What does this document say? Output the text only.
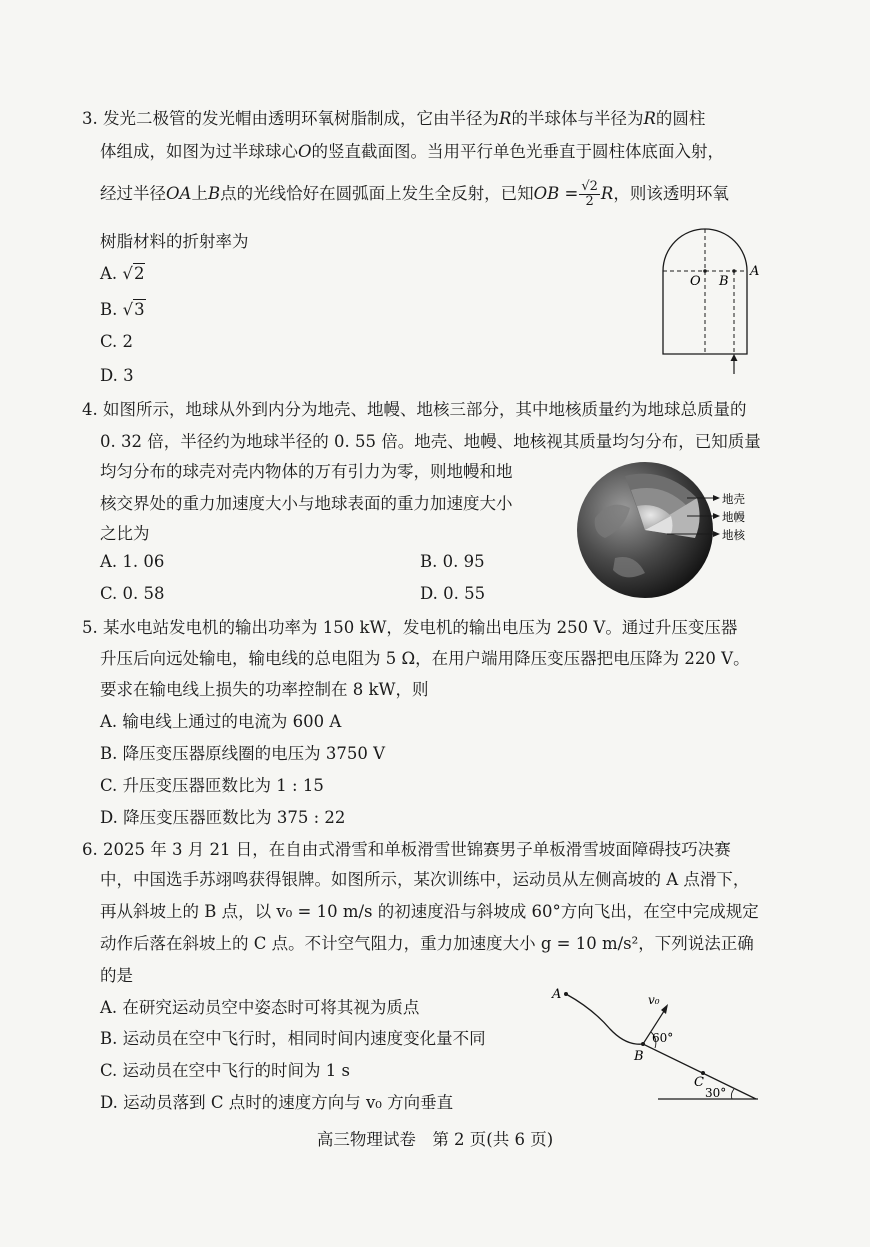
3. 发光二极管的发光帽由透明环氧树脂制成，它由半径为R的半球体与半径为R的圆柱
体组成，如图为过半球球心O的竖直截面图。当用平行单色光垂直于圆柱体底面入射，
经过半径OA上B点的光线恰好在圆弧面上发生全反射，已知OB = $\frac{√2}{2}$ R，则该透明环氧
树脂材料的折射率为
A. √2
B. √3
C. 2
D. 3
O B
A
4. 如图所示，地球从外到内分为地壳、地幔、地核三部分，其中地核质量约为地球总质量的
0. 32 倍，半径约为地球半径的 0. 55 倍。地壳、地幔、地核视其质量均匀分布，已知质量
均匀分布的球壳对壳内物体的万有引力为零，则地幔和地
核交界处的重力加速度大小与地球表面的重力加速度大小
之比为
A. 1. 06	B. 0. 95
C. 0. 58	D. 0. 55
地壳
地幔
地核
5. 某水电站发电机的输出功率为 150 kW，发电机的输出电压为 250 V。通过升压变压器
升压后向远处输电，输电线的总电阻为 5 Ω，在用户端用降压变压器把电压降为 220 V。
要求在输电线上损失的功率控制在 8 kW，则
A. 输电线上通过的电流为 600 A
B. 降压变压器原线圈的电压为 3750 V
C. 升压变压器匝数比为 1 : 15
D. 降压变压器匝数比为 375 : 22
6. 2025 年 3 月 21 日，在自由式滑雪和单板滑雪世锦赛男子单板滑雪坡面障碍技巧决赛
中，中国选手苏翊鸣获得银牌。如图所示，某次训练中，运动员从左侧高坡的 A 点滑下，
再从斜坡上的 B 点，以 v₀ = 10 m/s 的初速度沿与斜坡成 60°方向飞出，在空中完成规定
动作后落在斜坡上的 C 点。不计空气阻力，重力加速度大小 g = 10 m/s²，下列说法正确
的是
A. 在研究运动员空中姿态时可将其视为质点
B. 运动员在空中飞行时，相同时间内速度变化量不同
C. 运动员在空中飞行的时间为 1 s
D. 运动员落到 C 点时的速度方向与 v₀ 方向垂直
A
B
C
v₀
60°
30°
高三物理试卷　第 2 页(共 6 页)
